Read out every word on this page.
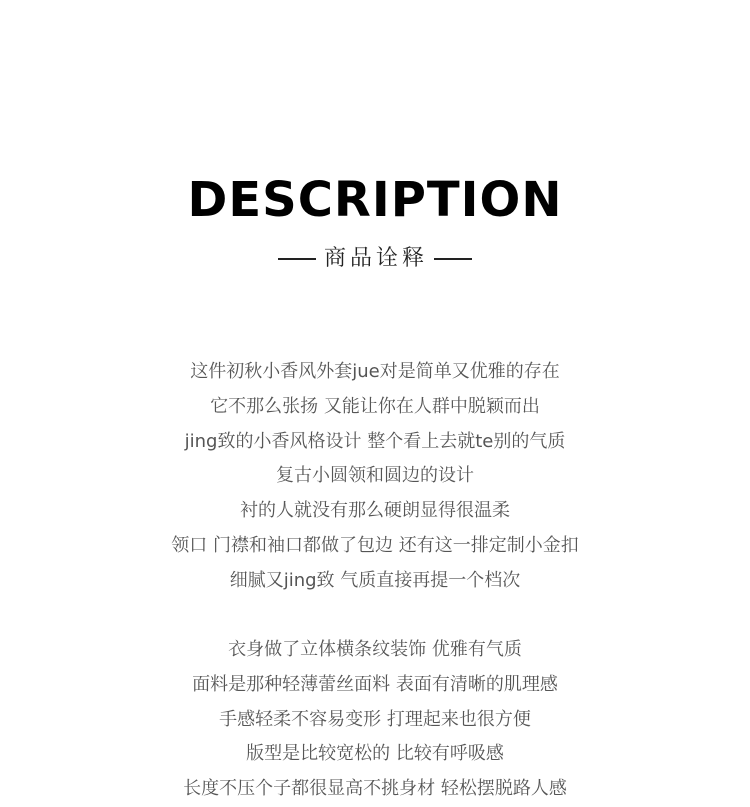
DESCRIPTION
商品诠释
这件初秋小香风外套jue对是简单又优雅的存在
它不那么张扬 又能让你在人群中脱颖而出
jing致的小香风格设计 整个看上去就te别的气质
复古小圆领和圆边的设计
衬的人就没有那么硬朗显得很温柔
领口 门襟和袖口都做了包边 还有这一排定制小金扣
细腻又jing致 气质直接再提一个档次
衣身做了立体横条纹装饰 优雅有气质
面料是那种轻薄蕾丝面料 表面有清晰的肌理感
手感轻柔不容易变形 打理起来也很方便
版型是比较宽松的 比较有呼吸感
长度不压个子都很显高不挑身材 轻松摆脱路人感
